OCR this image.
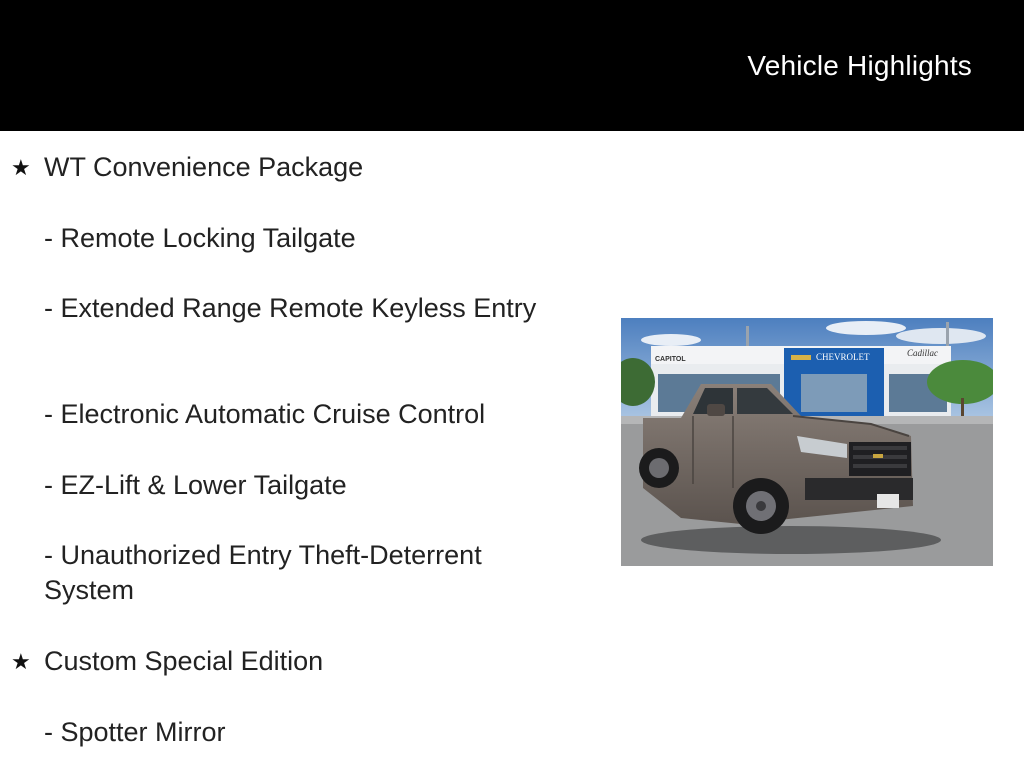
Vehicle Highlights
★ WT Convenience Package
- Remote Locking Tailgate
- Extended Range Remote Keyless Entry
- Electronic Automatic Cruise Control
- EZ-Lift & Lower Tailgate
- Unauthorized Entry Theft-Deterrent System
★ Custom Special Edition
- Spotter Mirror
CAPITOL	CHEVROLET	Cadillac
